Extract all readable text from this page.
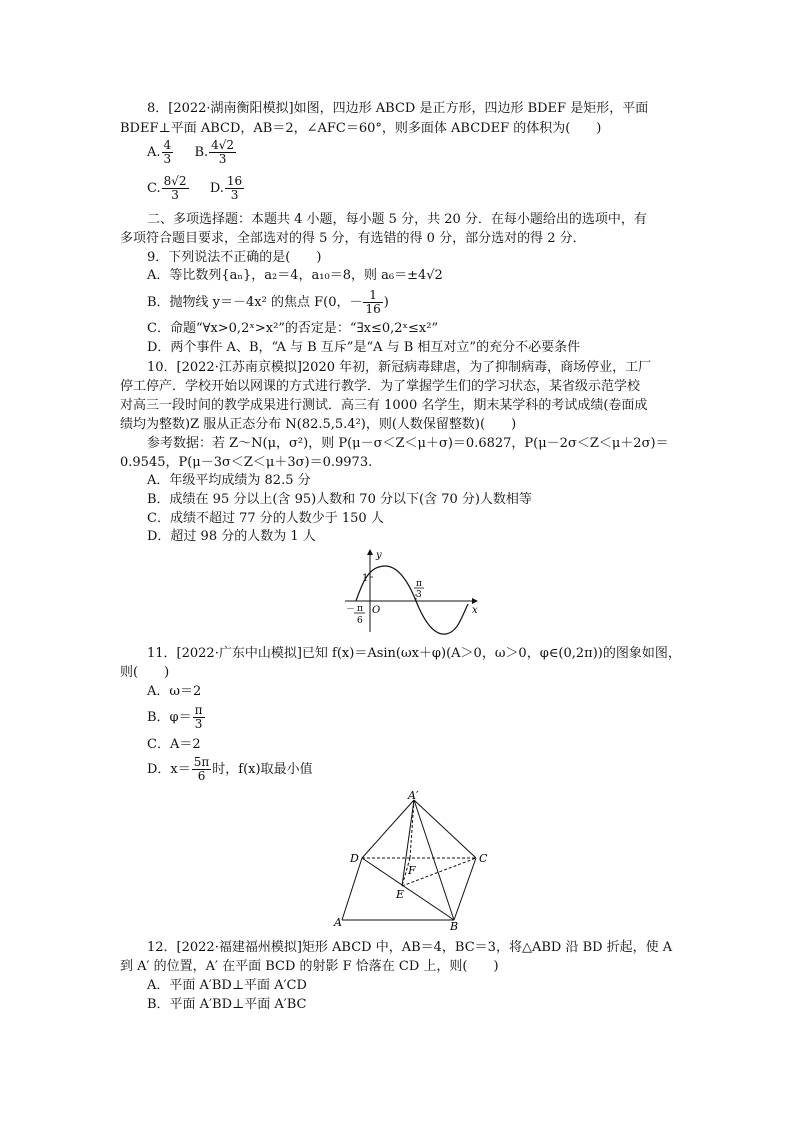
8．[2022·湖南衡阳模拟]如图，四边形 ABCD 是正方形，四边形 BDEF 是矩形，平面
BDEF⊥平面 ABCD，AB＝2，∠AFC＝60°，则多面体 ABCDEF 的体积为(　　)
A. $\frac{4}{3} B$. $\frac{4√2}{3}$
C. $\frac{8√2}{3} D$. $\frac{16}{3}$
二、多项选择题：本题共 4 小题，每小题 5 分，共 20 分．在每小题给出的选项中，有
多项符合题目要求，全部选对的得 5 分，有选错的得 0 分，部分选对的得 2 分．
9．下列说法不正确的是(　　)
A．等比数列{aₙ}，a₂＝4，a₁₀＝8，则 a₆＝±4√2
B．抛物线 y＝－4x² 的焦点 F(0，－ $\frac{1}{16}$ )
C．命题“∀x>0,2ˣ>x²”的否定是：“∃x≤0,2ˣ≤x²”
D．两个事件 A、B，“A 与 B 互斥”是“A 与 B 相互对立”的充分不必要条件
10．[2022·江苏南京模拟]2020 年初，新冠病毒肆虐，为了抑制病毒，商场停业，工厂
停工停产．学校开始以网课的方式进行教学．为了掌握学生们的学习状态，某省级示范学校
对高三一段时间的教学成果进行测试．高三有 1000 名学生，期末某学科的考试成绩(卷面成
绩均为整数)Z 服从正态分布 N(82.5,5.4²)，则(人数保留整数)(　　)
参考数据：若 Z～N(μ，σ²)，则 P(μ－σ＜Z＜μ＋σ)＝0.6827，P(μ－2σ＜Z＜μ＋2σ)＝
0.9545，P(μ－3σ＜Z＜μ＋3σ)＝0.9973.
A．年级平均成绩为 82.5 分
B．成绩在 95 分以上(含 95)人数和 70 分以下(含 70 分)人数相等
C．成绩不超过 77 分的人数少于 150 人
D．超过 98 分的人数为 1 人
y
x
O
1	π
3
－ π
6
11．[2022·广东中山模拟]已知 f(x)＝Asin(ωx＋φ)(A＞0，ω＞0，φ∈(0,2π))的图象如图，
则(　　)
A．ω＝2
B．$\varphi= \frac{\pi}{3}$
C．A＝2
D．$x= \frac{5\pi}{6}$ 时，f(x)取最小值
A′
A	B
C
D
E
F
12．[2022·福建福州模拟]矩形 ABCD 中，AB＝4，BC＝3，将△ABD 沿 BD 折起，使 A
到 A′ 的位置，A′ 在平面 BCD 的射影 F 恰落在 CD 上，则(　　)
A．平面 A′BD⊥平面 A′CD
B．平面 A′BD⊥平面 A′BC
